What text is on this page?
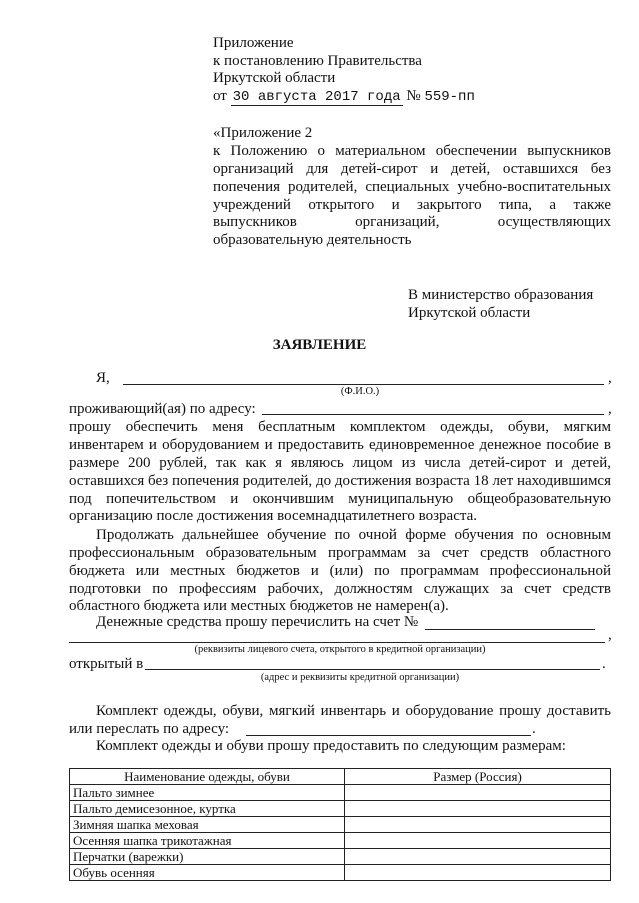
Приложение
к постановлению Правительства
Иркутской области
от 30 августа 2017 года № 559-пп
«Приложение 2
к Положению о материальном обеспечении выпускников
организаций для детей-сирот и детей, оставшихся без
попечения родителей, специальных учебно-воспитательных
учреждений открытого и закрытого типа, а также
выпускников организаций, осуществляющих
образовательную деятельность
В министерство образования
Иркутской области
ЗАЯВЛЕНИЕ
Я,	,
(Ф.И.О.)
проживающий(ая) по адресу:	,
прошу обеспечить меня бесплатным комплектом одежды, обуви, мягким
инвентарем и оборудованием и предоставить единовременное денежное пособие в
размере 200 рублей, так как я являюсь лицом из числа детей-сирот и детей,
оставшихся без попечения родителей, до достижения возраста 18 лет находившимся
под попечительством и окончившим муниципальную общеобразовательную
организацию после достижения восемнадцатилетнего возраста.
Продолжать дальнейшее обучение по очной форме обучения по основным
профессиональным образовательным программам за счет средств областного
бюджета или местных бюджетов и (или) по программам профессиональной
подготовки по профессиям рабочих, должностям служащих за счет средств
областного бюджета или местных бюджетов не намерен(а).
Денежные средства прошу перечислить на счет №
,
(реквизиты лицевого счета, открытого в кредитной организации)
открытый в	.
(адрес и реквизиты кредитной организации)
Комплект одежды, обуви, мягкий инвентарь и оборудование прошу доставить
или переслать по адресу:	.
Комплект одежды и обуви прошу предоставить по следующим размерам:
Наименование одежды, обуви	Размер (Россия)
Пальто зимнее	
Пальто демисезонное, куртка	
Зимняя шапка меховая	
Осенняя шапка трикотажная	
Перчатки (варежки)	
Обувь осенняя	
